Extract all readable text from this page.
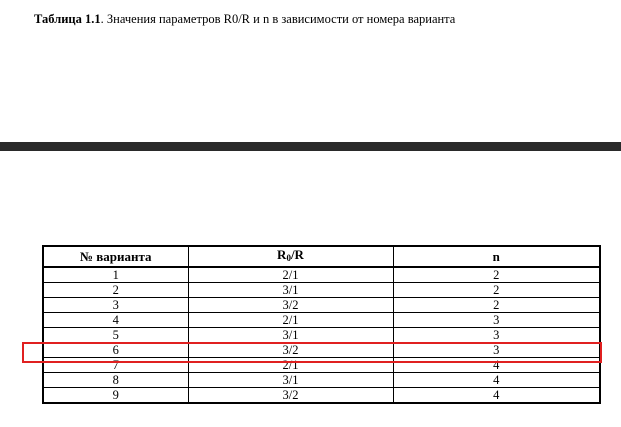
Таблица 1.1. Значения параметров R0/R и n в зависимости от номера варианта
№ варианта	$R_0/R$	n
1	2/1	2
2	3/1	2
3	3/2	2
4	2/1	3
5	3/1	3
6	3/2	3
7	2/1	4
8	3/1	4
9	3/2	4
